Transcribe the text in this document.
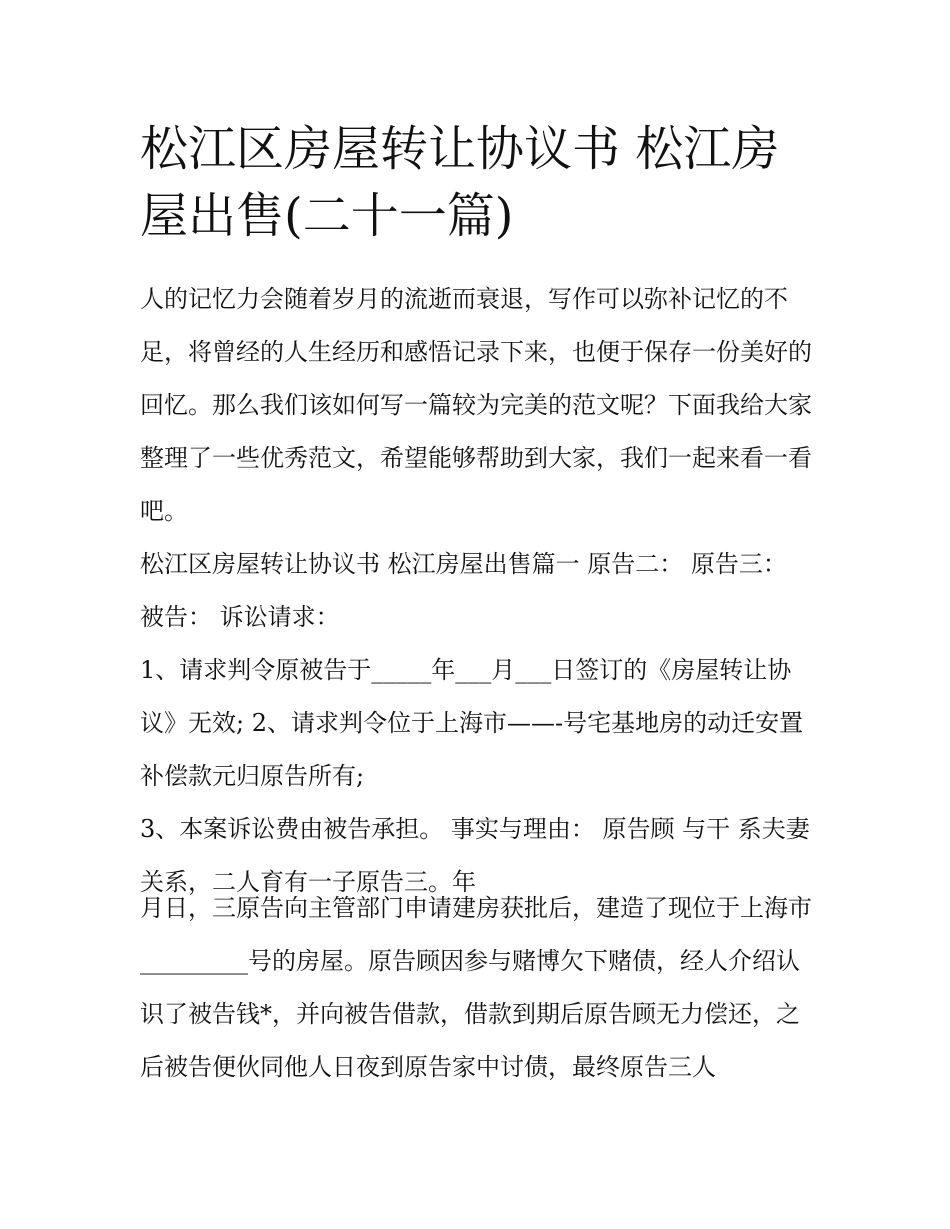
松江区房屋转让协议书 松江房屋出售(二十一篇)

人的记忆力会随着岁月的流逝而衰退，写作可以弥补记忆的不足，将曾经的人生经历和感悟记录下来，也便于保存一份美好的回忆。那么我们该如何写一篇较为完美的范文呢？下面我给大家整理了一些优秀范文，希望能够帮助到大家，我们一起来看一看吧。

松江区房屋转让协议书 松江房屋出售篇一 原告二： 原告三： 被告： 诉讼请求：

1、请求判令原被告于_____年___月___日签订的《房屋转让协议》无效; 2、请求判令位于上海市——-号宅基地房的动迁安置补偿款元归原告所有;

3、本案诉讼费由被告承担。 事实与理由： 原告顾 与干 系夫妻关系，二人育有一子原告三。年

月日，三原告向主管部门申请建房获批后，建造了现位于上海市_________号的房屋。原告顾因参与赌博欠下赌债，经人介绍认识了被告钱*，并向被告借款，借款到期后原告顾无力偿还，之后被告便伙同他人日夜到原告家中讨债，最终原告三人
